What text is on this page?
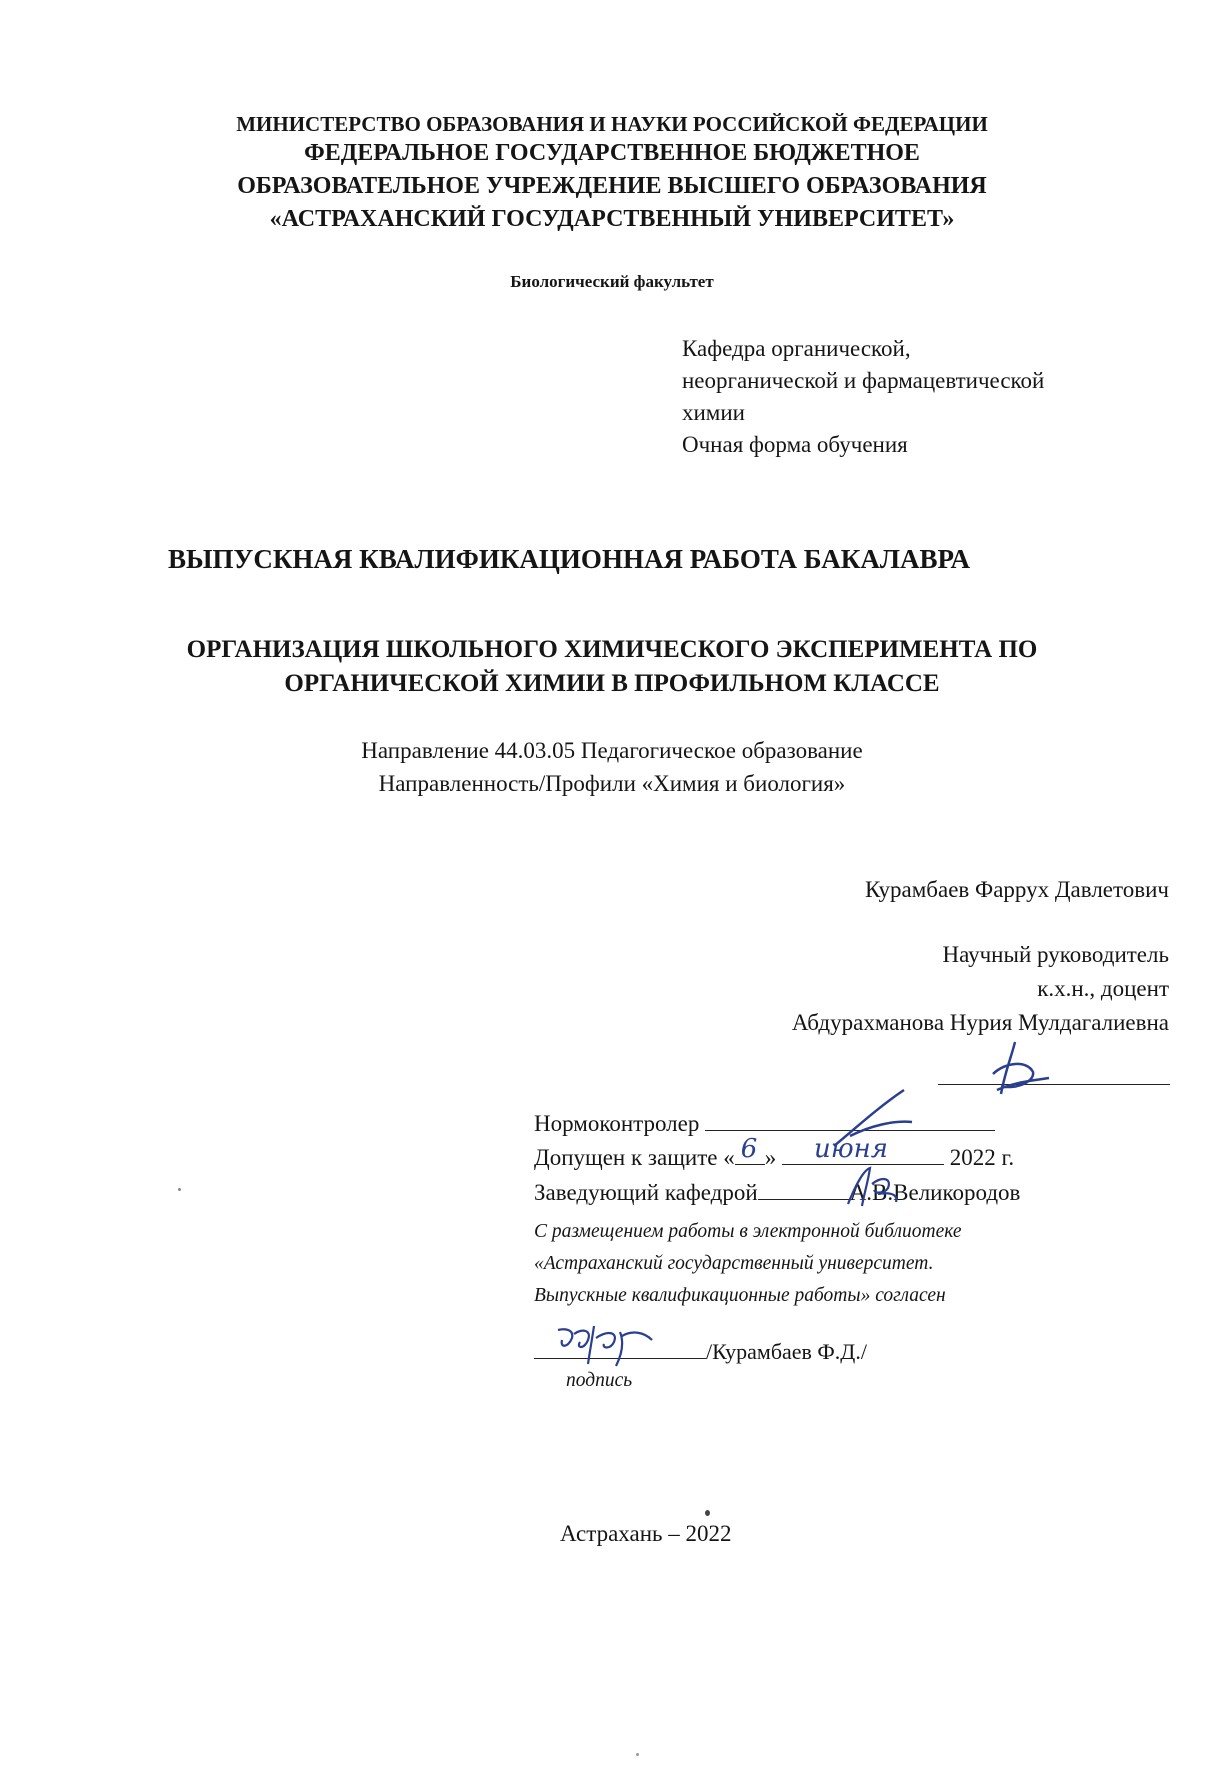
МИНИСТЕРСТВО ОБРАЗОВАНИЯ И НАУКИ РОССИЙСКОЙ ФЕДЕРАЦИИ
ФЕДЕРАЛЬНОЕ ГОСУДАРСТВЕННОЕ БЮДЖЕТНОЕ
ОБРАЗОВАТЕЛЬНОЕ УЧРЕЖДЕНИЕ ВЫСШЕГО ОБРАЗОВАНИЯ
«АСТРАХАНСКИЙ ГОСУДАРСТВЕННЫЙ УНИВЕРСИТЕТ»
Биологический факультет
Кафедра органической,
неорганической и фармацевтической
химии
Очная форма обучения
ВЫПУСКНАЯ КВАЛИФИКАЦИОННАЯ РАБОТА БАКАЛАВРА
ОРГАНИЗАЦИЯ ШКОЛЬНОГО ХИМИЧЕСКОГО ЭКСПЕРИМЕНТА ПО
ОРГАНИЧЕСКОЙ ХИМИИ В ПРОФИЛЬНОМ КЛАССЕ
Направление 44.03.05 Педагогическое образование
Направленность/Профили «Химия и биология»
Курамбаев Фаррух Давлетович
Научный руководитель
к.х.н., доцент
Абдурахманова Нурия Мулдагалиевна
Нормоконтролер
Допущен к защите « 6 » июня	2022 г.
Заведующий кафедрой	А.В.Великородов
С размещением работы в электронной библиотеке
«Астраханский государственный университет.
Выпускные квалификационные работы» согласен
/Курамбаев Ф.Д./
подпись
Астрахань – 2022
